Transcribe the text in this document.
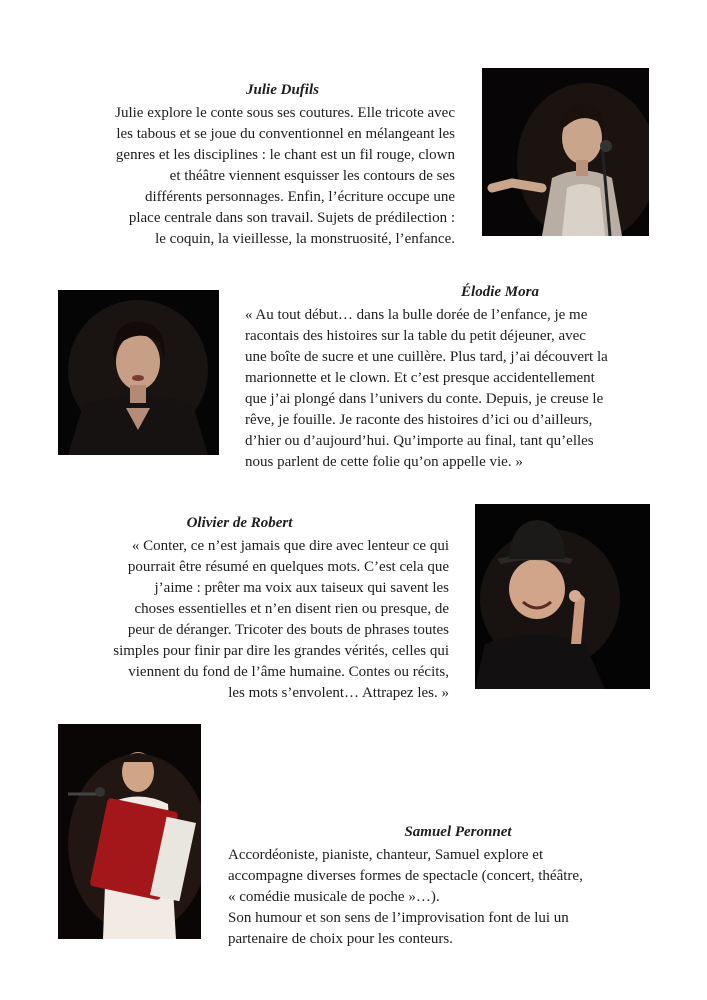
Julie Dufils
Julie explore le conte sous ses coutures. Elle tricote avec
les tabous et se joue du conventionnel en mélangeant les
genres et les disciplines : le chant est un fil rouge, clown
et théâtre viennent esquisser les contours de ses
différents personnages. Enfin, l’écriture occupe une
place centrale dans son travail. Sujets de prédilection :
le coquin, la vieillesse, la monstruosité, l’enfance.
Élodie Mora
« Au tout début… dans la bulle dorée de l’enfance, je me
racontais des histoires sur la table du petit déjeuner, avec
une boîte de sucre et une cuillère. Plus tard, j’ai découvert la
marionnette et le clown. Et c’est presque accidentellement
que j’ai plongé dans l’univers du conte. Depuis, je creuse le
rêve, je fouille. Je raconte des histoires d’ici ou d’ailleurs,
d’hier ou d’aujourd’hui. Qu’importe au final, tant qu’elles
nous parlent de cette folie qu’on appelle vie. »
Olivier de Robert
« Conter, ce n’est jamais que dire avec lenteur ce qui
pourrait être résumé en quelques mots. C’est cela que
j’aime : prêter ma voix aux taiseux qui savent les
choses essentielles et n’en disent rien ou presque, de
peur de déranger. Tricoter des bouts de phrases toutes
simples pour finir par dire les grandes vérités, celles qui
viennent du fond de l’âme humaine. Contes ou récits,
les mots s’envolent… Attrapez les. »
Samuel Peronnet
Accordéoniste, pianiste, chanteur, Samuel explore et
accompagne diverses formes de spectacle (concert, théâtre,
« comédie musicale de poche »…).
Son humour et son sens de l’improvisation font de lui un
partenaire de choix pour les conteurs.
